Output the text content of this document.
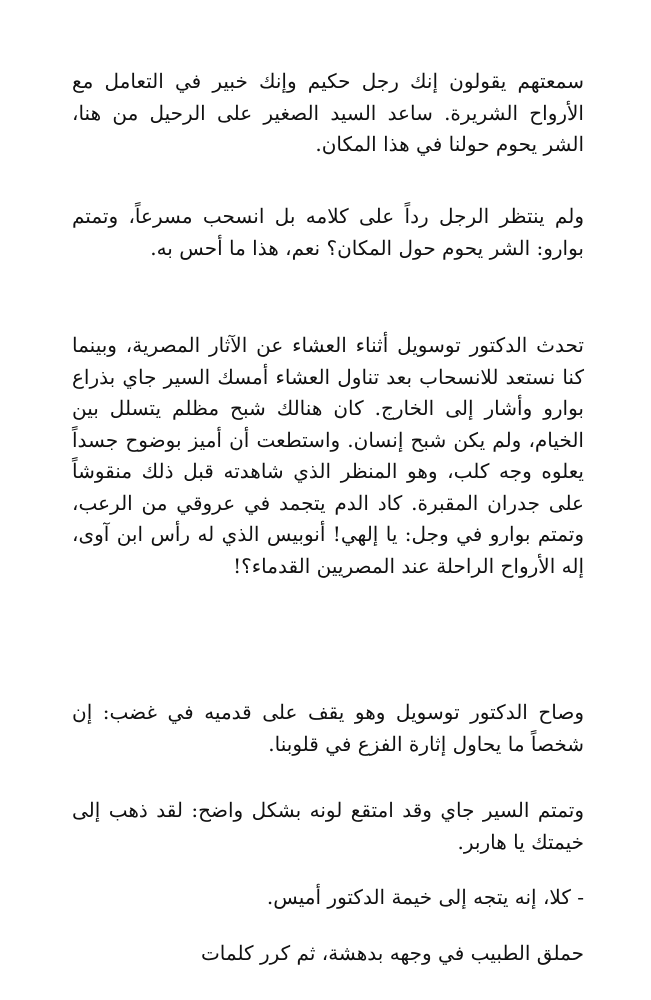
سمعتهم يقولون إنك رجل حكيم وإنك خبير في التعامل مع الأرواح الشريرة. ساعد السيد الصغير على الرحيل من هنا، الشر يحوم حولنا في هذا المكان.

ولم ينتظر الرجل رداً على كلامه بل انسحب مسرعاً، وتمتم بوارو: الشر يحوم حول المكان؟ نعم، هذا ما أحس به.

تحدث الدكتور توسويل أثناء العشاء عن الآثار المصرية، وبينما كنا نستعد للانسحاب بعد تناول العشاء أمسك السير جاي بذراع بوارو وأشار إلى الخارج. كان هنالك شبح مظلم يتسلل بين الخيام، ولم يكن شبح إنسان. واستطعت أن أميز بوضوح جسداً يعلوه وجه كلب، وهو المنظر الذي شاهدته قبل ذلك منقوشاً على جدران المقبرة. كاد الدم يتجمد في عروقي من الرعب، وتمتم بوارو في وجل: يا إلهي! أنوبيس الذي له رأس ابن آوى، إله الأرواح الراحلة عند المصريين القدماء؟!

وصاح الدكتور توسويل وهو يقف على قدميه في غضب: إن شخصاً ما يحاول إثارة الفزع في قلوبنا.

وتمتم السير جاي وقد امتقع لونه بشكل واضح: لقد ذهب إلى خيمتك يا هاربر.

- كلا، إنه يتجه إلى خيمة الدكتور أميس.

حملق الطبيب في وجهه بدهشة، ثم كرر كلمات
